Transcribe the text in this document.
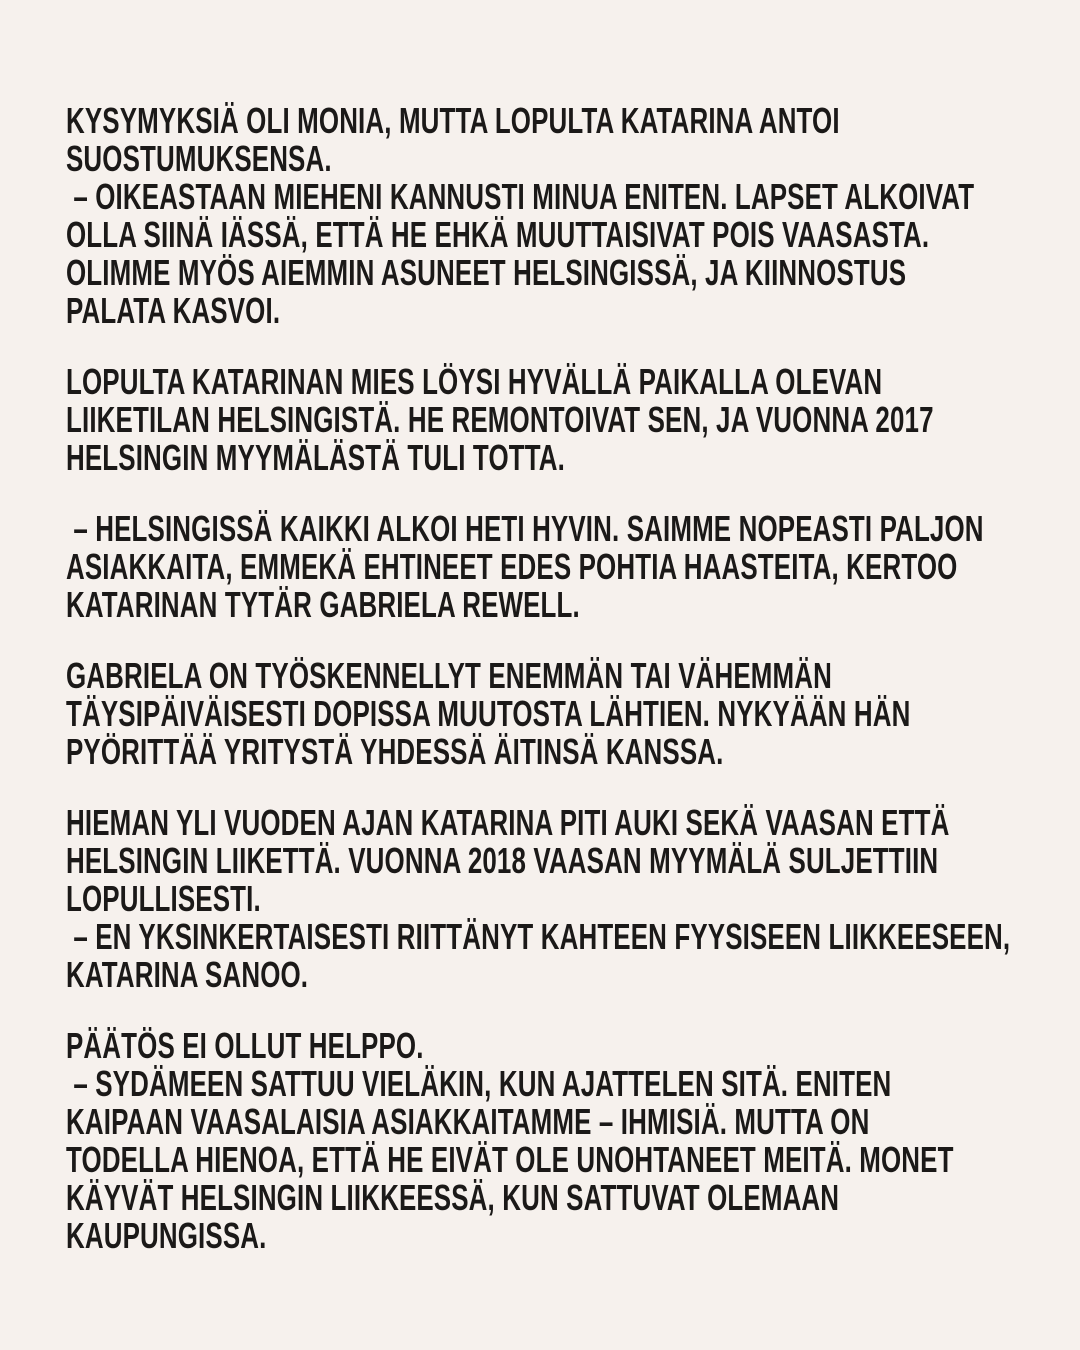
KYSYMYKSIÄ OLI MONIA, MUTTA LOPULTA KATARINA ANTOI
SUOSTUMUKSENSA.
– OIKEASTAAN MIEHENI KANNUSTI MINUA ENITEN. LAPSET ALKOIVAT
OLLA SIINÄ IÄSSÄ, ETTÄ HE EHKÄ MUUTTAISIVAT POIS VAASASTA.
OLIMME MYÖS AIEMMIN ASUNEET HELSINGISSÄ, JA KIINNOSTUS
PALATA KASVOI.
LOPULTA KATARINAN MIES LÖYSI HYVÄLLÄ PAIKALLA OLEVAN
LIIKETILAN HELSINGISTÄ. HE REMONTOIVAT SEN, JA VUONNA 2017
HELSINGIN MYYMÄLÄSTÄ TULI TOTTA.
– HELSINGISSÄ KAIKKI ALKOI HETI HYVIN. SAIMME NOPEASTI PALJON
ASIAKKAITA, EMMEKÄ EHTINEET EDES POHTIA HAASTEITA, KERTOO
KATARINAN TYTÄR GABRIELA REWELL.
GABRIELA ON TYÖSKENNELLYT ENEMMÄN TAI VÄHEMMÄN
TÄYSIPÄIVÄISESTI DOPISSA MUUTOSTA LÄHTIEN. NYKYÄÄN HÄN
PYÖRITTÄÄ YRITYSTÄ YHDESSÄ ÄITINSÄ KANSSA.
HIEMAN YLI VUODEN AJAN KATARINA PITI AUKI SEKÄ VAASAN ETTÄ
HELSINGIN LIIKETTÄ. VUONNA 2018 VAASAN MYYMÄLÄ SULJETTIIN
LOPULLISESTI.
– EN YKSINKERTAISESTI RIITTÄNYT KAHTEEN FYYSISEEN LIIKKEESEEN,
KATARINA SANOO.
PÄÄTÖS EI OLLUT HELPPO.
– SYDÄMEEN SATTUU VIELÄKIN, KUN AJATTELEN SITÄ. ENITEN
KAIPAAN VAASALAISIA ASIAKKAITAMME – IHMISIÄ. MUTTA ON
TODELLA HIENOA, ETTÄ HE EIVÄT OLE UNOHTANEET MEITÄ. MONET
KÄYVÄT HELSINGIN LIIKKEESSÄ, KUN SATTUVAT OLEMAAN
KAUPUNGISSA.
